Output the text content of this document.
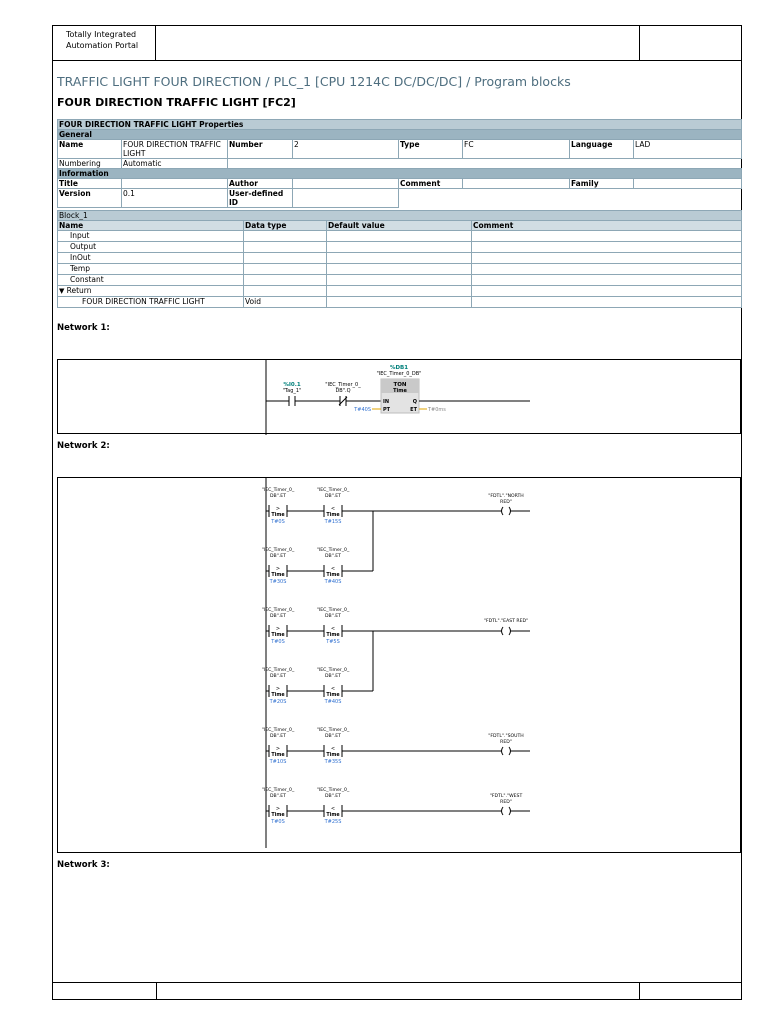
Totally Integrated
Automation Portal
TRAFFIC LIGHT FOUR DIRECTION / PLC_1 [CPU 1214C DC/DC/DC] / Program blocks
FOUR DIRECTION TRAFFIC LIGHT [FC2]
FOUR DIRECTION TRAFFIC LIGHT Properties							
General							
Name	FOUR DIRECTION TRAFFIC LIGHT	Number	2	Type	FC	Language	LAD
Numbering	Automatic						
Information							
Title		Author		Comment		Family	
Version	0.1	User-defined ID					
Block_1			
Name	Data type	Default value	Comment
Input			
Output			
InOut			
Temp			
Constant			
▼ Return			
FOUR DIRECTION TRAFFIC LIGHT	Void		
Network 1:
%I0.1
"Tag_1"
"IEC_Timer_0_
DB".Q
%DB1
"IEC_Timer_0_DB"
TON
Time
IN	Q
PT	ET
T#40S	T#0ms
Network 2:
"IEC_Timer_0_
DB".ET
>
Time
T#0S
"IEC_Timer_0_
DB".ET
<
Time
T#15S
"IEC_Timer_0_
DB".ET
>
Time
T#30S
"IEC_Timer_0_
DB".ET
<
Time
T#40S
"FDTL"."NORTH
RED"
"IEC_Timer_0_
DB".ET
>
Time
T#0S
"IEC_Timer_0_
DB".ET
<
Time
T#5S
"IEC_Timer_0_
DB".ET
>
Time
T#20S
"IEC_Timer_0_
DB".ET
<
Time
T#40S
"FDTL"."EAST RED"
"IEC_Timer_0_
DB".ET
>
Time
T#10S
"IEC_Timer_0_
DB".ET
<
Time
T#35S
"FDTL"."SOUTH
RED"
"IEC_Timer_0_
DB".ET
>
Time
T#0S
"IEC_Timer_0_
DB".ET
<
Time
T#25S
"FDTL"."WEST
RED"
Network 3:
